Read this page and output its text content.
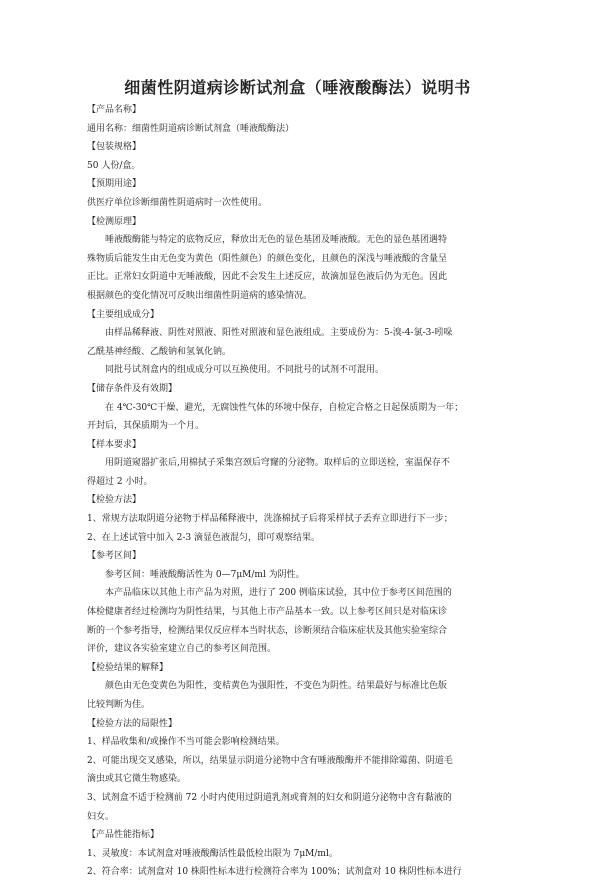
细菌性阴道病诊断试剂盒（唾液酸酶法）说明书
【产品名称】
通用名称：细菌性阴道病诊断试剂盒（唾液酸酶法）
【包装规格】
50 人份/盒。
【预期用途】
供医疗单位诊断细菌性阴道病时一次性使用。
【检测原理】
唾液酸酶能与特定的底物反应，释放出无色的显色基团及唾液酸。无色的显色基团遇特
殊物质后能发生由无色变为黄色（阳性颜色）的颜色变化，且颜色的深浅与唾液酸的含量呈
正比。正常妇女阴道中无唾液酸，因此不会发生上述反应，故滴加显色液后仍为无色。因此
根据颜色的变化情况可反映出细菌性阴道病的感染情况。
【主要组成成分】
由样品稀释液、阴性对照液、阳性对照液和显色液组成。主要成份为：5-溴-4-氯-3-吲哚
乙酰基神经酸、乙酸钠和氢氧化钠。
同批号试剂盒内的组成成分可以互换使用。不同批号的试剂不可混用。
【储存条件及有效期】
在 4℃-30℃干燥、避光，无腐蚀性气体的环境中保存，自检定合格之日起保质期为一年；
开封后，其保质期为一个月。
【样本要求】
用阴道窥器扩张后,用棉拭子采集宫颈后穹窿的分泌物。取样后的立即送检，室温保存不
得超过 2 小时。
【检验方法】
1、常规方法取阴道分泌物于样品稀释液中，洗涤棉拭子后将采样拭子丢弃立即进行下一步；
2、在上述试管中加入 2-3 滴显色液混匀，即可观察结果。
【参考区间】
参考区间：唾液酸酶活性为 0—7μM/ml 为阴性。
本产品临床以其他上市产品为对照，进行了 200 例临床试验，其中位于参考区间范围的
体检健康者经过检测均为阴性结果，与其他上市产品基本一致。以上参考区间只是对临床诊
断的一个参考指导，检测结果仅反应样本当时状态，诊断须结合临床症状及其他实验室综合
评价，建议各实验室建立自己的参考区间范围。
【检验结果的解释】
颜色由无色变黄色为阳性，变桔黄色为强阳性，不变色为阴性。结果最好与标准比色版
比较判断为佳。
【检验方法的局限性】
1、样品收集和/或操作不当可能会影响检测结果。
2、可能出现交叉感染，所以，结果显示阴道分泌物中含有唾液酸酶并不能排除霉菌、阴道毛
滴虫或其它微生物感染。
3、试剂盒不适于检测前 72 小时内使用过阴道乳剂或膏剂的妇女和阴道分泌物中含有黏液的
妇女。
【产品性能指标】
1、灵敏度：本试剂盒对唾液酸酶活性最低检出限为 7μM/ml。
2、符合率：试剂盒对 10 株阳性标本进行检测符合率为 100%；试剂盒对 10 株阴性标本进行
